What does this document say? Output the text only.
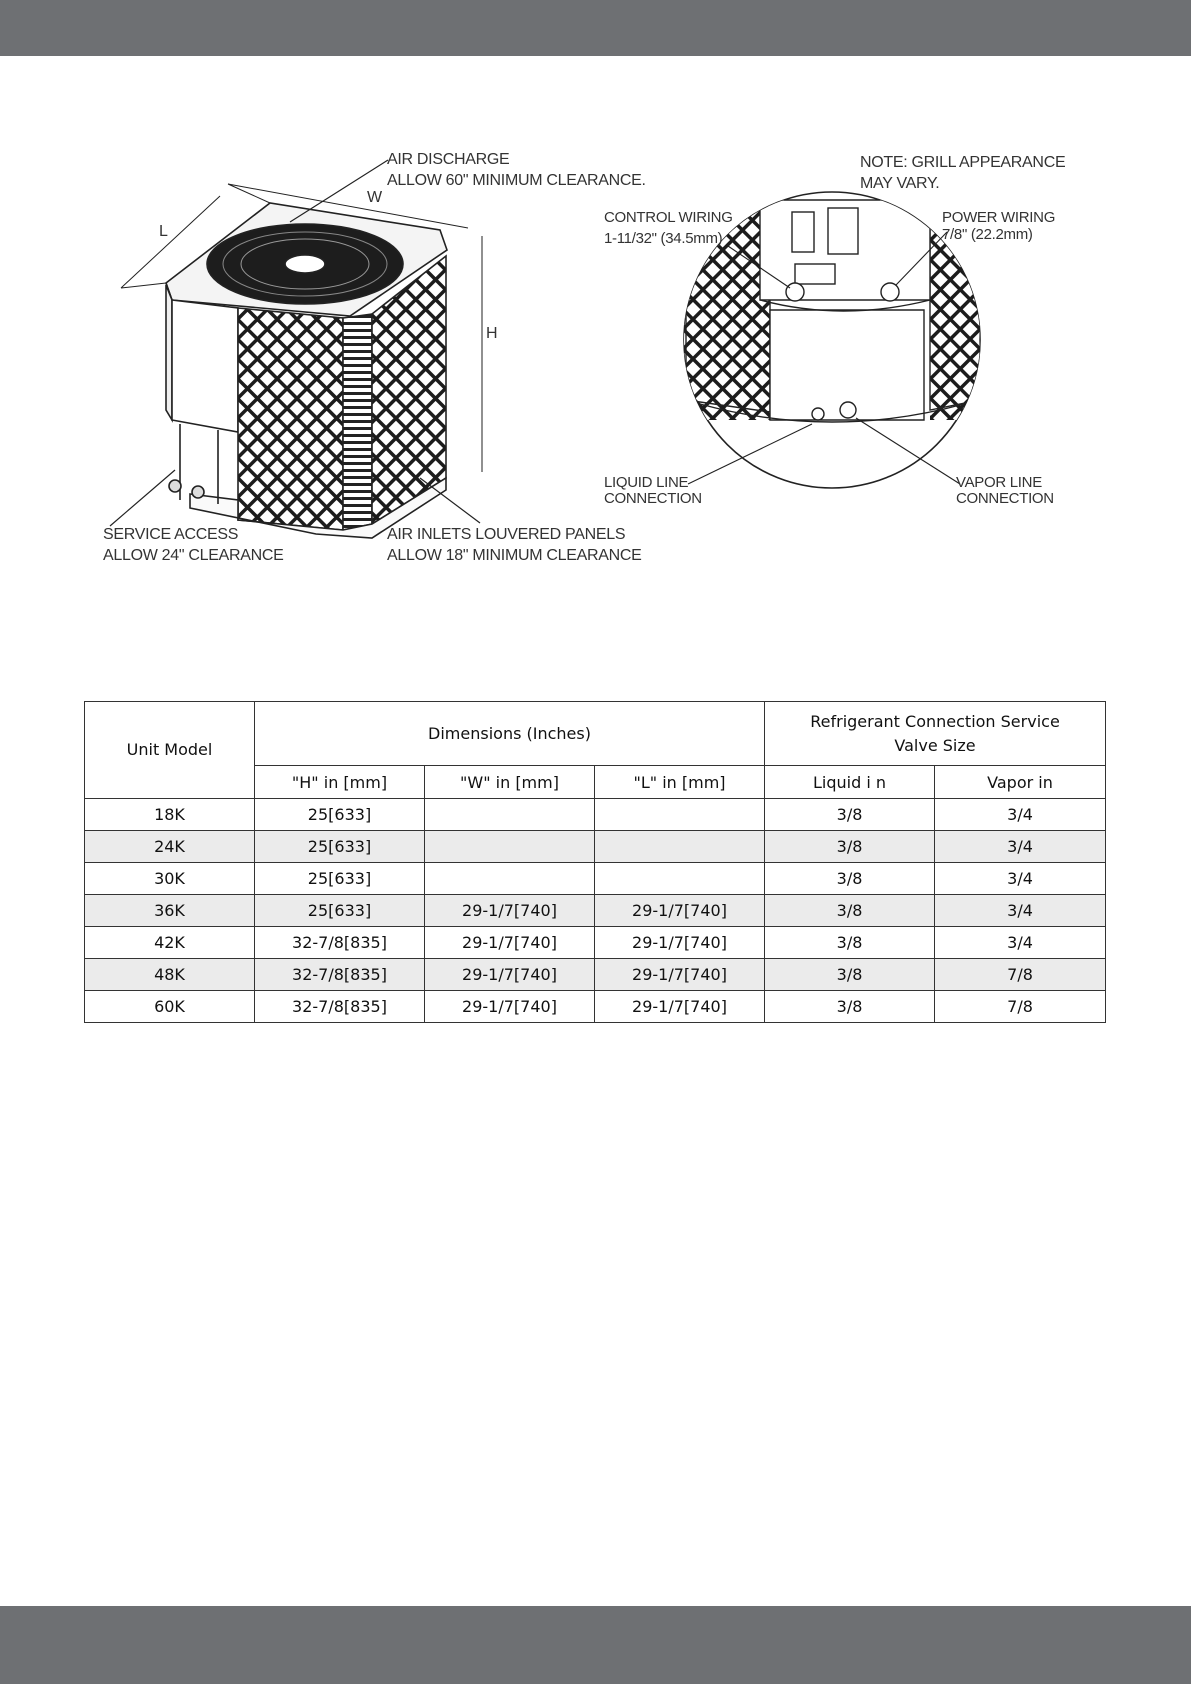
AIR DISCHARGE
ALLOW 60" MINIMUM CLEARANCE.
W
L
H
SERVICE ACCESS
ALLOW 24" CLEARANCE
AIR INLETS LOUVERED PANELS
ALLOW 18" MINIMUM CLEARANCE
NOTE: GRILL APPEARANCE
MAY VARY.
CONTROL WIRING
1-11/32" (34.5mm)
POWER WIRING
7/8" (22.2mm)
LIQUID LINE
CONNECTION
VAPOR LINE
CONNECTION
Unit Model	Dimensions (Inches)			Refrigerant Connection Service
Valve Size	
	"H" in [mm]	"W" in [mm]	"L" in [mm]	Liquid i n	Vapor in
18K	25[633]			3/8	3/4
24K	25[633]			3/8	3/4
30K	25[633]			3/8	3/4
36K	25[633]	29-1/7[740]	29-1/7[740]	3/8	3/4
42K	32-7/8[835]	29-1/7[740]	29-1/7[740]	3/8	3/4
48K	32-7/8[835]	29-1/7[740]	29-1/7[740]	3/8	7/8
60K	32-7/8[835]	29-1/7[740]	29-1/7[740]	3/8	7/8
